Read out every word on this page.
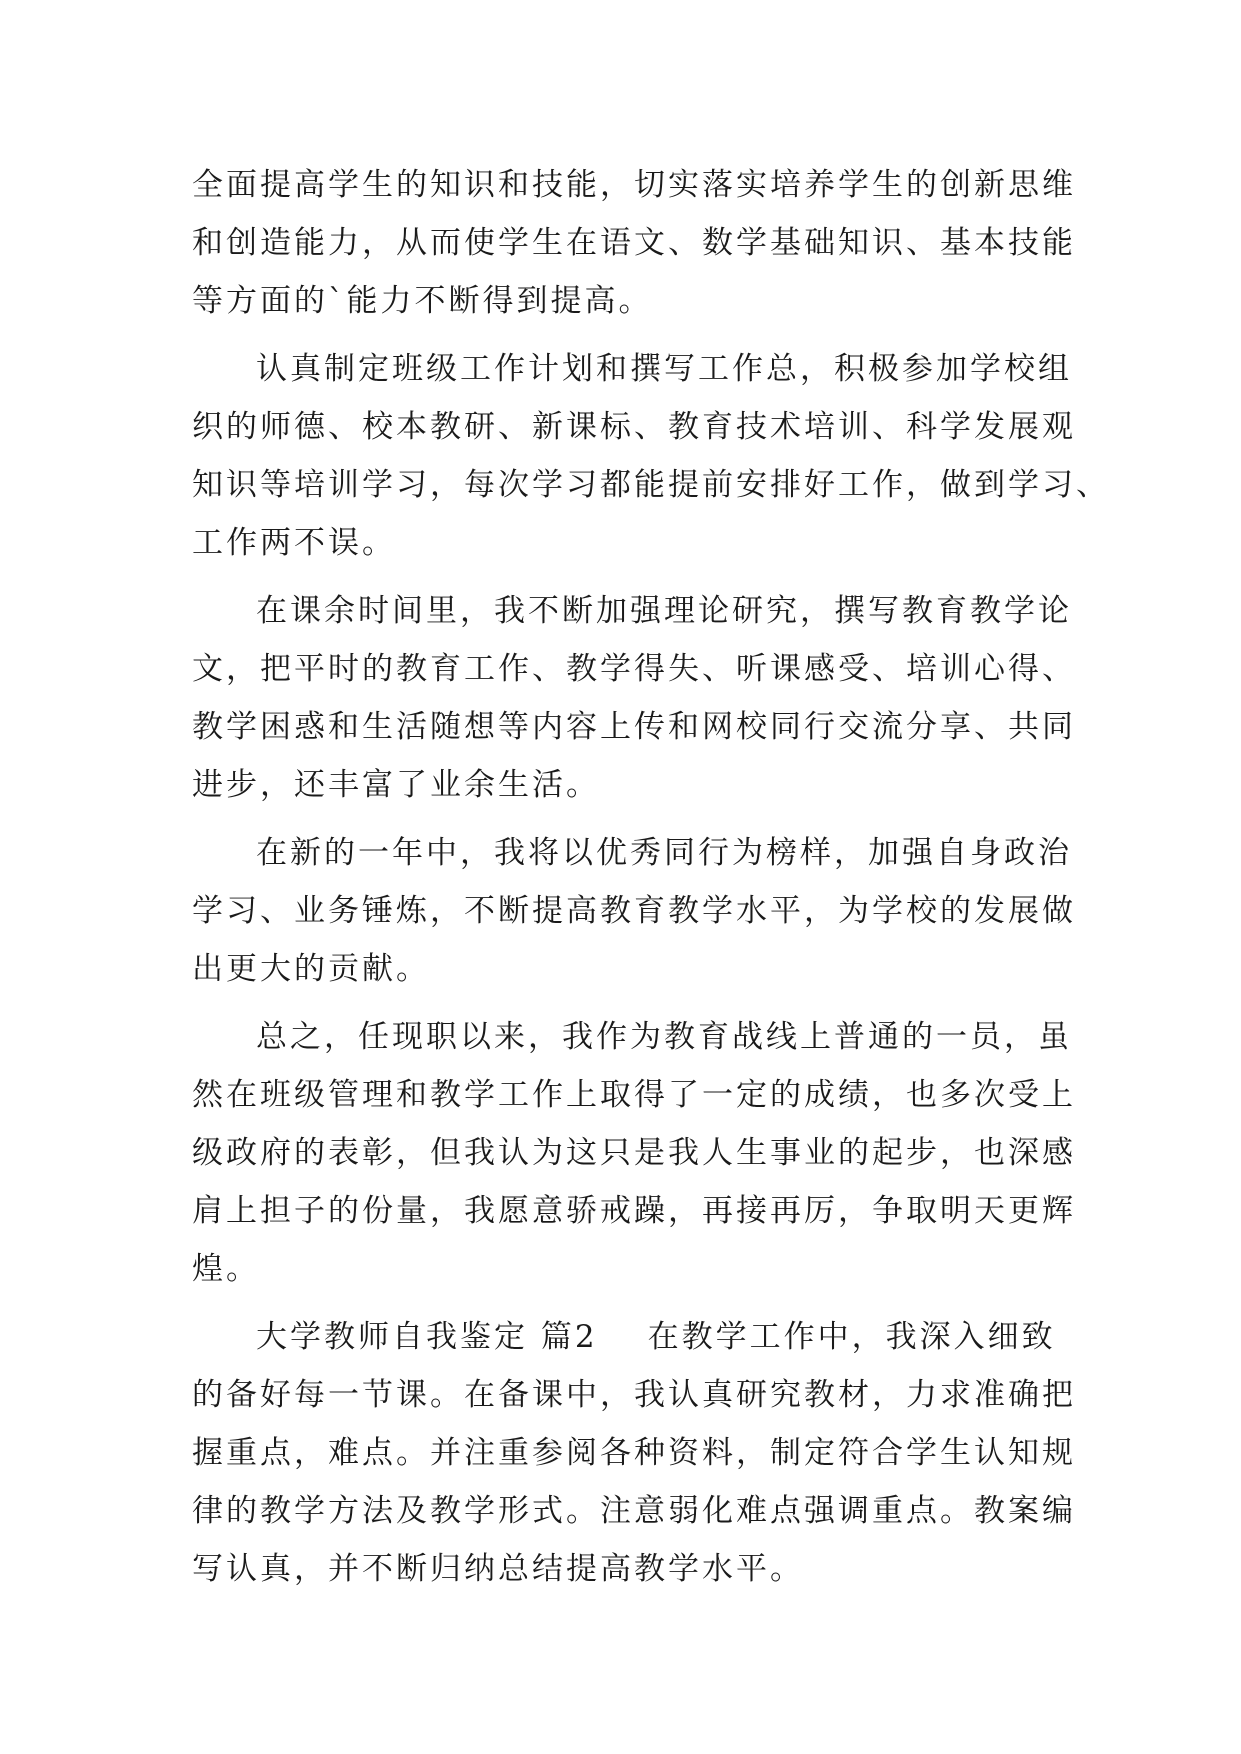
全面提高学生的知识和技能，切实落实培养学生的创新思维
和创造能力，从而使学生在语文、数学基础知识、基本技能
等方面的`能力不断得到提高。
认真制定班级工作计划和撰写工作总，积极参加学校组
织的师德、校本教研、新课标、教育技术培训、科学发展观
知识等培训学习，每次学习都能提前安排好工作，做到学习、
工作两不误。
在课余时间里，我不断加强理论研究，撰写教育教学论
文，把平时的教育工作、教学得失、听课感受、培训心得、
教学困惑和生活随想等内容上传和网校同行交流分享、共同
进步，还丰富了业余生活。
在新的一年中，我将以优秀同行为榜样，加强自身政治
学习、业务锤炼，不断提高教育教学水平，为学校的发展做
出更大的贡献。
总之，任现职以来，我作为教育战线上普通的一员，虽
然在班级管理和教学工作上取得了一定的成绩，也多次受上
级政府的表彰，但我认为这只是我人生事业的起步，也深感
肩上担子的份量，我愿意骄戒躁，再接再厉，争取明天更辉
煌。
大学教师自我鉴定 篇2 在教学工作中，我深入细致
的备好每一节课。在备课中，我认真研究教材，力求准确把
握重点，难点。并注重参阅各种资料，制定符合学生认知规
律的教学方法及教学形式。注意弱化难点强调重点。教案编
写认真，并不断归纳总结提高教学水平。
